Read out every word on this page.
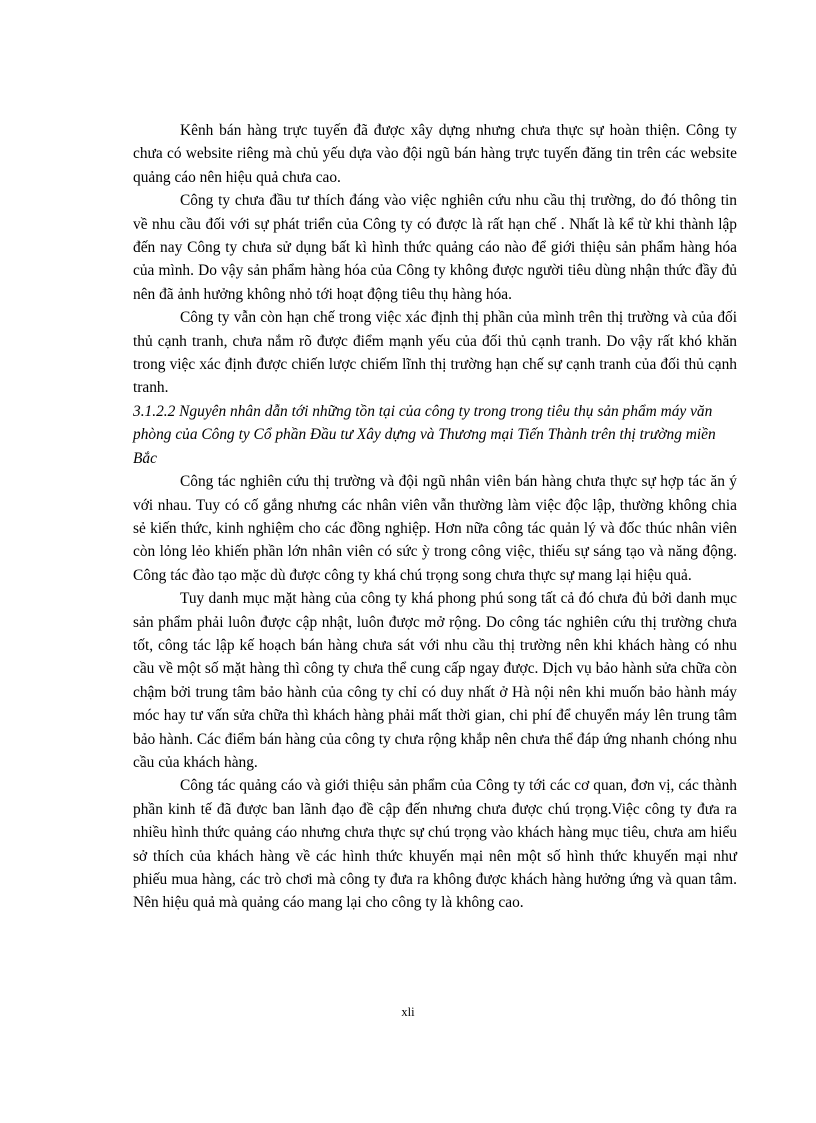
Kênh bán hàng trực tuyến đã được xây dựng nhưng chưa thực sự hoàn thiện. Công ty chưa có website riêng mà chủ yếu dựa vào đội ngũ bán hàng trực tuyến đăng tin trên các website quảng cáo nên hiệu quả chưa cao.

Công ty chưa đầu tư thích đáng vào việc nghiên cứu nhu cầu thị trường, do đó thông tin về nhu cầu đối với sự phát triển của Công ty có được là rất hạn chế . Nhất là kể từ khi thành lập đến nay Công ty chưa sử dụng bất kì hình thức quảng cáo nào để giới thiệu sản phẩm hàng hóa của mình. Do vậy sản phẩm hàng hóa của Công ty không được người tiêu dùng nhận thức đầy đủ nên đã ảnh hưởng không nhỏ tới hoạt động tiêu thụ hàng hóa.

Công ty vẫn còn hạn chế trong việc xác định thị phần của mình trên thị trường và của đối thủ cạnh tranh, chưa nắm rõ được điểm mạnh yếu của đối thủ cạnh tranh. Do vậy rất khó khăn trong việc xác định được chiến lược chiếm lĩnh thị trường hạn chế sự cạnh tranh của đối thủ cạnh tranh.

3.1.2.2 Nguyên nhân dẫn tới những tồn tại của công ty trong trong tiêu thụ sản phẩm máy văn phòng của Công ty Cổ phần Đầu tư Xây dựng và Thương mại Tiến Thành trên thị trường miền Bắc

Công tác nghiên cứu thị trường và đội ngũ nhân viên bán hàng chưa thực sự hợp tác ăn ý với nhau. Tuy có cố gắng nhưng các nhân viên vẫn thường làm việc độc lập, thường không chia sẻ kiến thức, kinh nghiệm cho các đồng nghiệp. Hơn nữa công tác quản lý và đốc thúc nhân viên còn lỏng lẻo khiến phần lớn nhân viên có sức ỳ trong công việc, thiếu sự sáng tạo và năng động. Công tác đào tạo mặc dù được công ty khá chú trọng song chưa thực sự mang lại hiệu quả.

Tuy danh mục mặt hàng của công ty khá phong phú song tất cả đó chưa đủ bởi danh mục sản phẩm phải luôn được cập nhật, luôn được mở rộng. Do công tác nghiên cứu thị trường chưa tốt, công tác lập kế hoạch bán hàng chưa sát với nhu cầu thị trường nên khi khách hàng có nhu cầu về một số mặt hàng thì công ty chưa thể cung cấp ngay được. Dịch vụ bảo hành sửa chữa còn chậm bởi trung tâm bảo hành của công ty chỉ có duy nhất ở Hà nội nên khi muốn bảo hành máy móc hay tư vấn sửa chữa thì khách hàng phải mất thời gian, chi phí để chuyển máy lên trung tâm bảo hành. Các điểm bán hàng của công ty chưa rộng khắp nên chưa thể đáp ứng nhanh chóng nhu cầu của khách hàng.

Công tác quảng cáo và giới thiệu sản phẩm của Công ty tới các cơ quan, đơn vị, các thành phần kinh tế đã được ban lãnh đạo đề cập đến nhưng chưa được chú trọng.Việc công ty đưa ra nhiều hình thức quảng cáo nhưng chưa thực sự chú trọng vào khách hàng mục tiêu, chưa am hiểu sở thích của khách hàng về các hình thức khuyến mại nên một số hình thức khuyến mại như phiếu mua hàng, các trò chơi mà công ty đưa ra không được khách hàng hưởng ứng và quan tâm. Nên hiệu quả mà quảng cáo mang lại cho công ty là không cao.

xli
